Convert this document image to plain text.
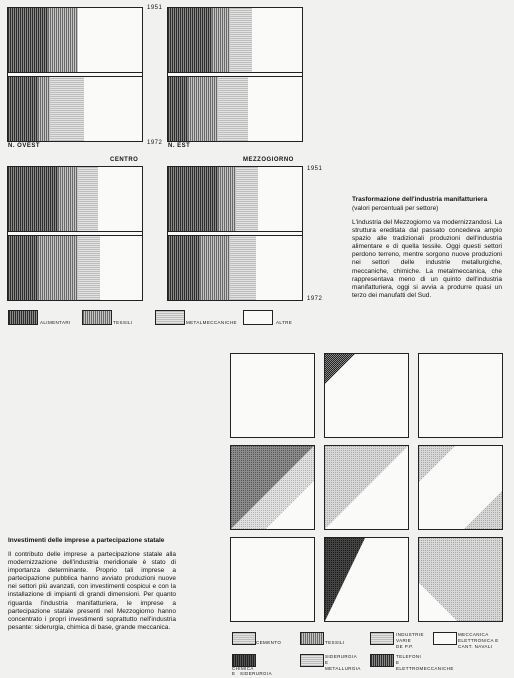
N. OVEST
1951
1972 N. EST
CENTRO	MEZZOGIORNO
1951
1972
ALIMENTARI	TESSILI	METALMECCANICHE	ALTRE
Trasformazione dell'industria manifatturiera
(valori percentuali per settore)
L'industria del Mezzogiorno va modernizzandosi. La struttura ereditata dal passato concedeva ampio spazio alle tradizionali produzioni dell'industria alimentare e di quella tessile. Oggi questi settori perdono terreno, mentre sorgono nuove produzioni nei settori delle industrie metallurgiche, meccaniche, chimiche. La metalmeccanica, che rappresentava meno di un quinto dell'industria manifatturiera, oggi si avvia a produrre quasi un terzo dei manufatti del Sud.
CEMENTO	TESSILI
INDUSTRIE
VARIE
DE P.P.
MECCANICA
ELETTRONICA E
CANT. NAVALI
CHIMICA
E SIDERURGIA
SIDERURGIA
E
METALLURGIA
TELEFONI
E
ELETTROMECCANICHE
Investimenti delle imprese a partecipazione statale
Il contributo delle imprese a partecipazione statale alla modernizzazione dell'industria meridionale è stato di importanza determinante. Proprio tali imprese a partecipazione pubblica hanno avviato produzioni nuove nei settori più avanzati, con investimenti cospicui e con la installazione di impianti di grandi dimensioni. Per quanto riguarda l'industria manifatturiera, le imprese a partecipazione statale presenti nel Mezzogiorno hanno concentrato i propri investimenti soprattutto nell'industria pesante: siderurgia, chimica di base, grande meccanica.
